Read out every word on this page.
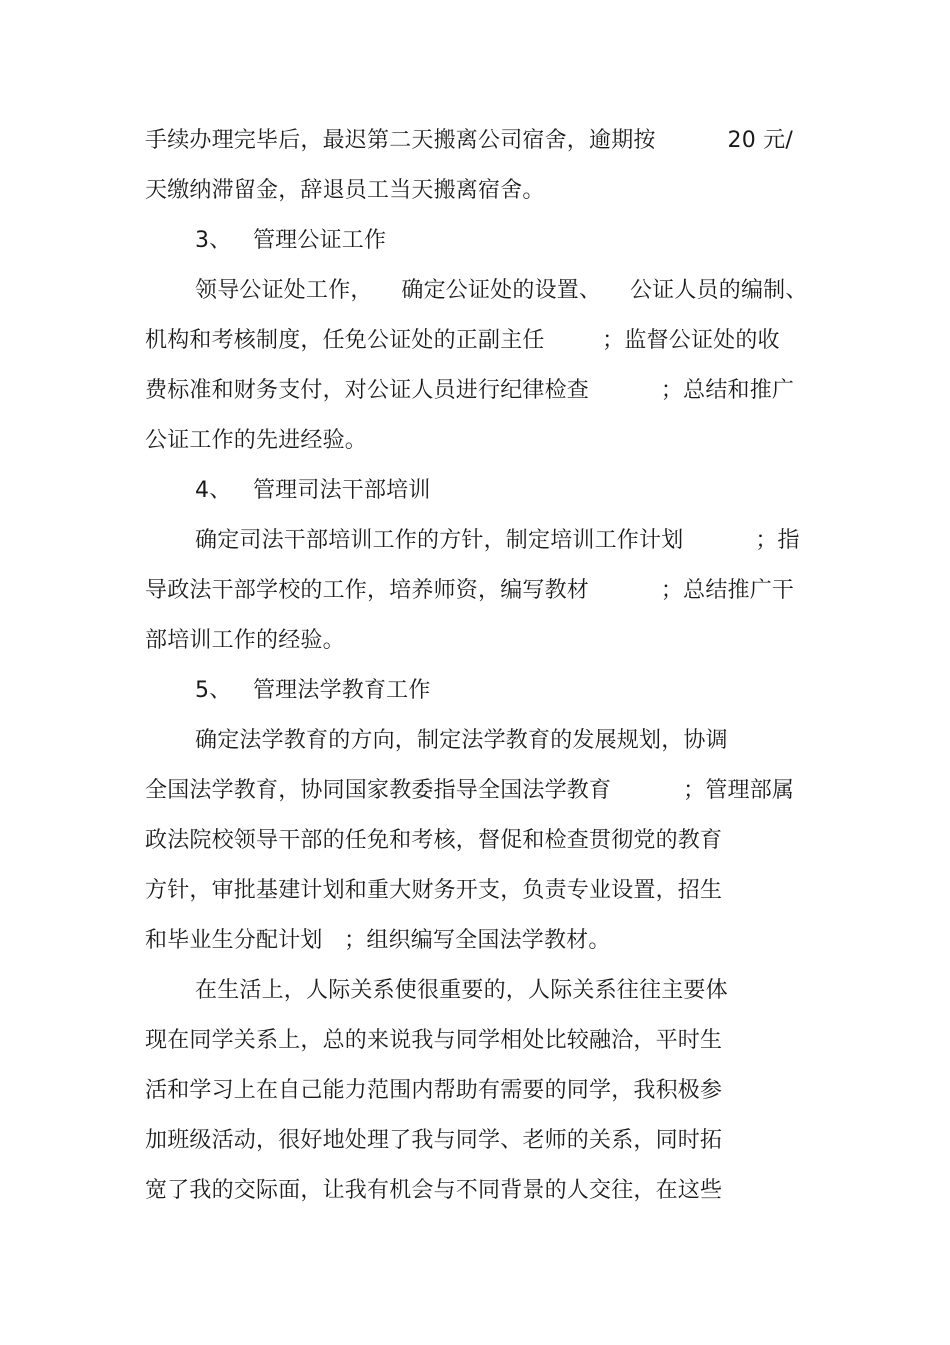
手续办理完毕后，最迟第二天搬离公司宿舍，逾期按          20 元/
天缴纳滞留金，辞退员工当天搬离宿舍。
3、   管理公证工作
领导公证处工作，    确定公证处的设置、    公证人员的编制、
机构和考核制度，任免公证处的正副主任        ；监督公证处的收
费标准和财务支付，对公证人员进行纪律检查          ；总结和推广
公证工作的先进经验。
4、   管理司法干部培训
确定司法干部培训工作的方针，制定培训工作计划          ；指
导政法干部学校的工作，培养师资，编写教材          ；总结推广干
部培训工作的经验。
5、   管理法学教育工作
确定法学教育的方向，制定法学教育的发展规划，协调
全国法学教育，协同国家教委指导全国法学教育          ；管理部属
政法院校领导干部的任免和考核，督促和检查贯彻党的教育
方针，审批基建计划和重大财务开支，负责专业设置，招生
和毕业生分配计划   ；组织编写全国法学教材。
在生活上，人际关系使很重要的，人际关系往往主要体
现在同学关系上，总的来说我与同学相处比较融洽，平时生
活和学习上在自己能力范围内帮助有需要的同学，我积极参
加班级活动，很好地处理了我与同学、老师的关系，同时拓
宽了我的交际面，让我有机会与不同背景的人交往，在这些
